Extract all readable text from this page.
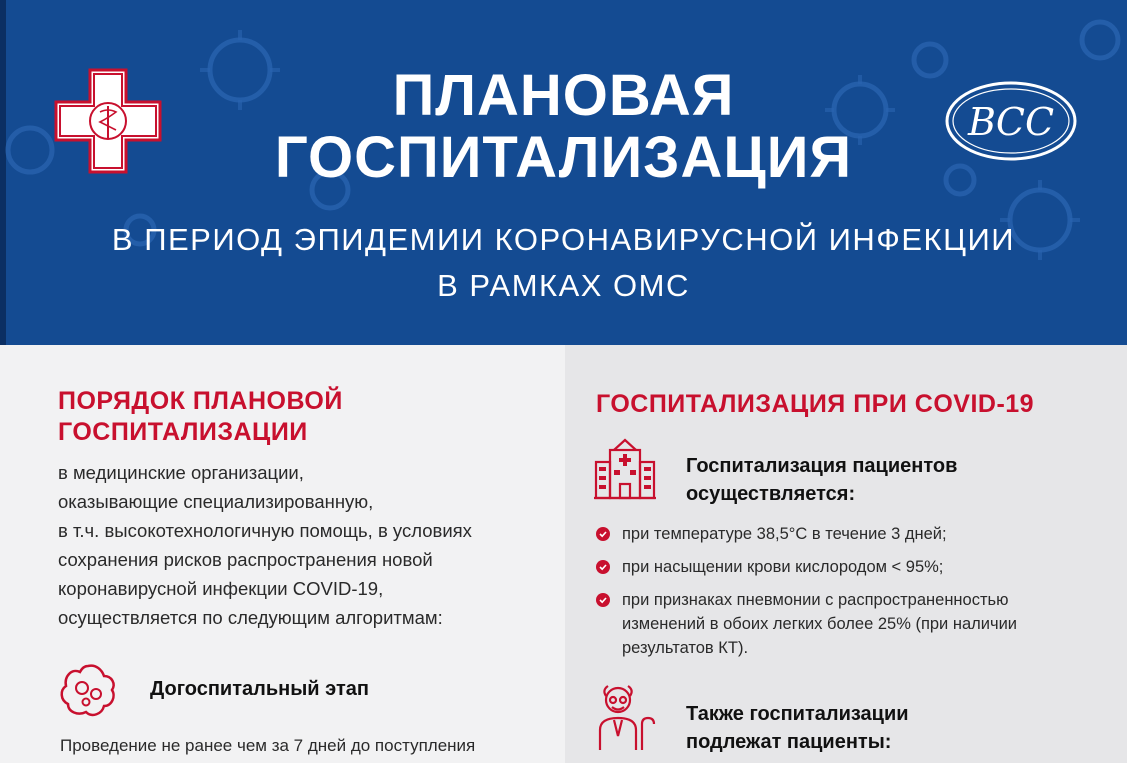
ВСС
ПЛАНОВАЯ
ГОСПИТАЛИЗАЦИЯ
В ПЕРИОД ЭПИДЕМИИ КОРОНАВИРУСНОЙ ИНФЕКЦИИ
В РАМКАХ ОМС
ПОРЯДОК ПЛАНОВОЙ ГОСПИТАЛИЗАЦИИ
в медицинские организации,
оказывающие специализированную,
в т.ч. высокотехнологичную помощь, в условиях
сохранения рисков распространения новой
коронавирусной инфекции COVID-19,
осуществляется по следующим алгоритмам:
Догоспитальный этап
Проведение не ранее чем за 7 дней до поступления
ГОСПИТАЛИЗАЦИЯ ПРИ COVID-19
Госпитализация пациентов
осуществляется:
при температуре 38,5°С в течение 3 дней;
при насыщении крови кислородом < 95%;
при признаках пневмонии с распространенностью изменений в обоих легких более 25% (при наличии результатов КТ).
Также госпитализации
подлежат пациенты:
